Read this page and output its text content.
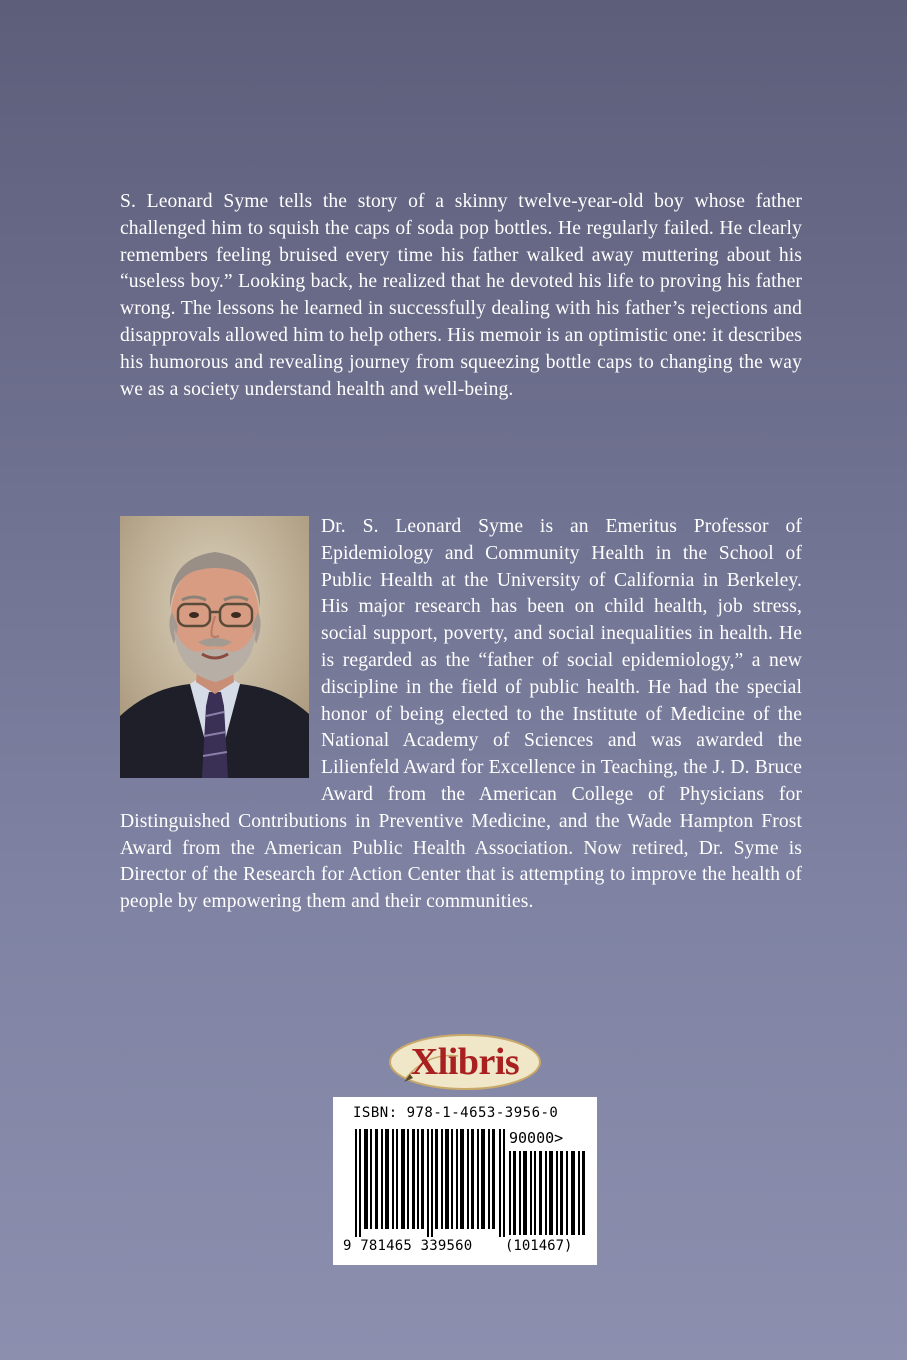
S. Leonard Syme tells the story of a skinny twelve-year-old boy whose father challenged him to squish the caps of soda pop bottles. He regularly failed. He clearly remembers feeling bruised every time his father walked away muttering about his “useless boy.” Looking back, he realized that he devoted his life to proving his father wrong. The lessons he learned in successfully dealing with his father’s rejections and disapprovals allowed him to help others. His memoir is an optimistic one: it describes his humorous and revealing journey from squeezing bottle caps to changing the way we as a society understand health and well-being.

Dr. S. Leonard Syme is an Emeritus Professor of Epidemiology and Community Health in the School of Public Health at the University of California in Berkeley. His major research has been on child health, job stress, social support, poverty, and social inequalities in health. He is regarded as the “father of social epidemiology,” a new discipline in the field of public health. He had the special honor of being elected to the Institute of Medicine of the National Academy of Sciences and was awarded the Lilienfeld Award for Excellence in Teaching, the J. D. Bruce Award from the American College of Physicians for Distinguished Contributions in Preventive Medicine, and the Wade Hampton Frost Award from the American Public Health Association. Now retired, Dr. Syme is Director of the Research for Action Center that is attempting to improve the health of people by empowering them and their communities.
Xlibris
ISBN: 978-1-4653-3956-0
90000>
9 781465 339560 (101467)
